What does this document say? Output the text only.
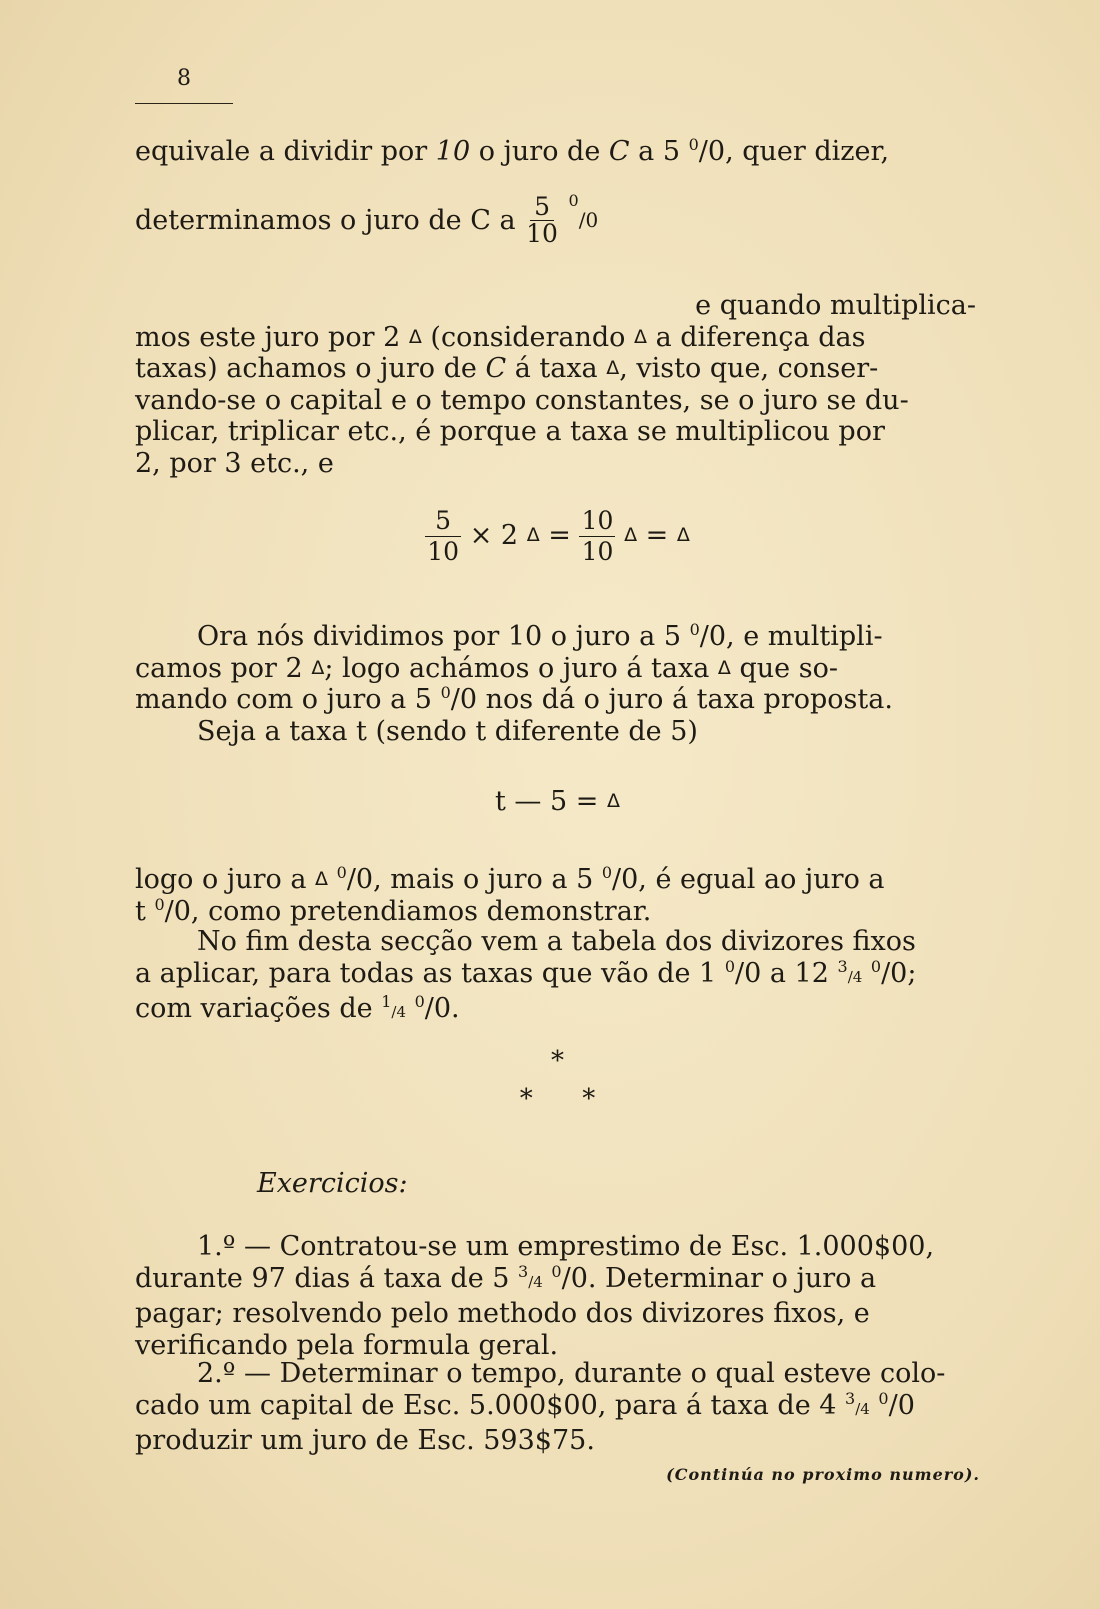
8

equivale a dividir por 10 o juro de C a 5 $^0$/0, quer dizer,

determinamos o juro de C a $\frac{5}{10} ^0/0$

e quando multiplica-

mos este juro por 2 Δ (considerando Δ a diferença das

taxas) achamos o juro de C á taxa Δ, visto que, conser-

vando-se o capital e o tempo constantes, se o juro se du-

plicar, triplicar etc., é porque a taxa se multiplicou por

2, por 3 etc., e

$\frac{5}{10} \times 2$ $\Delta = \frac{10}{10}$ Δ = Δ

Ora nós dividimos por 10 o juro a 5 $^0$/0, e multipli-

camos por 2 Δ; logo achámos o juro á taxa Δ que so-

mando com o juro a 5 $^0$/0 nos dá o juro á taxa proposta.

Seja a taxa t (sendo t diferente de 5)

t — 5 = Δ

logo o juro a Δ $^0$/0, mais o juro a 5 $^0$/0, é egual ao juro a

t $^0$/0, como pretendiamos demonstrar.

No fim desta secção vem a tabela dos divizores fixos

a aplicar, para todas as taxas que vão de 1 $^0$/0 a 12 $^3$/4 $^0$/0;

com variações de $^1$/4 $^0$/0.

*
*      *
Exercicios:

1.º — Contratou-se um emprestimo de Esc. 1.000$00,

durante 97 dias á taxa de 5 $^3$/4 $^0$/0. Determinar o juro a

pagar; resolvendo pelo methodo dos divizores fixos, e

verificando pela formula geral.

2.º — Determinar o tempo, durante o qual esteve colo-

cado um capital de Esc. 5.000$00, para á taxa de 4 $^3$/4 $^0$/0

produzir um juro de Esc. 593$75.

(Continúa no proximo numero).
